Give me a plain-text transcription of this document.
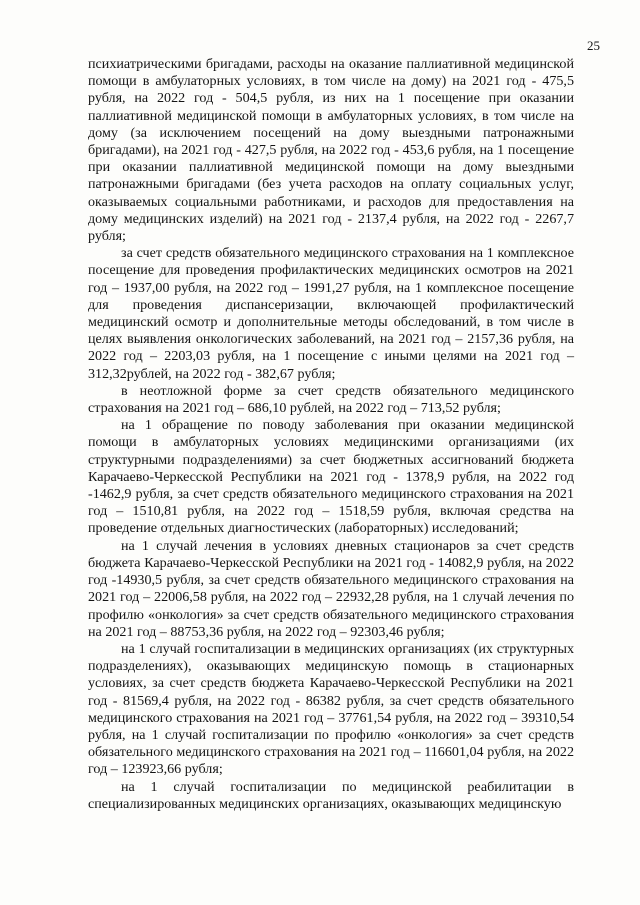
25

психиатрическими бригадами, расходы на оказание паллиативной медицинской помощи в амбулаторных условиях, в том числе на дому) на 2021 год - 475,5 рубля, на 2022 год - 504,5 рубля, из них на 1 посещение при оказании паллиативной медицинской помощи в амбулаторных условиях, в том числе на дому (за исключением посещений на дому выездными патронажными бригадами), на 2021 год - 427,5 рубля, на 2022 год - 453,6 рубля, на 1 посещение при оказании паллиативной медицинской помощи на дому выездными патронажными бригадами (без учета расходов на оплату социальных услуг, оказываемых социальными работниками, и расходов для предоставления на дому медицинских изделий) на 2021 год - 2137,4 рубля, на 2022 год - 2267,7 рубля;

за счет средств обязательного медицинского страхования на 1 комплексное посещение для проведения профилактических медицинских осмотров на 2021 год – 1937,00 рубля, на 2022 год – 1991,27 рубля, на 1 комплексное посещение для проведения диспансеризации, включающей профилактический медицинский осмотр и дополнительные методы обследований, в том числе в целях выявления онкологических заболеваний, на 2021 год – 2157,36 рубля, на 2022 год – 2203,03 рубля, на 1 посещение с иными целями на 2021 год – 312,32рублей, на 2022 год - 382,67 рубля;

в неотложной форме за счет средств обязательного медицинского страхования на 2021 год – 686,10 рублей, на 2022 год – 713,52 рубля;

на 1 обращение по поводу заболевания при оказании медицинской помощи в амбулаторных условиях медицинскими организациями (их структурными подразделениями) за счет бюджетных ассигнований бюджета Карачаево-Черкесской Республики на 2021 год - 1378,9 рубля, на 2022 год -1462,9 рубля, за счет средств обязательного медицинского страхования на 2021 год – 1510,81 рубля, на 2022 год – 1518,59 рубля, включая средства на проведение отдельных диагностических (лабораторных) исследований;

на 1 случай лечения в условиях дневных стационаров за счет средств бюджета Карачаево-Черкесской Республики на 2021 год - 14082,9 рубля, на 2022 год -14930,5 рубля, за счет средств обязательного медицинского страхования на 2021 год – 22006,58 рубля, на 2022 год – 22932,28 рубля, на 1 случай лечения по профилю «онкология» за счет средств обязательного медицинского страхования на 2021 год – 88753,36 рубля, на 2022 год – 92303,46 рубля;

на 1 случай госпитализации в медицинских организациях (их структурных подразделениях), оказывающих медицинскую помощь в стационарных условиях, за счет средств бюджета Карачаево-Черкесской Республики на 2021 год - 81569,4 рубля, на 2022 год - 86382 рубля, за счет средств обязательного медицинского страхования на 2021 год – 37761,54 рубля, на 2022 год – 39310,54 рубля, на 1 случай госпитализации по профилю «онкология» за счет средств обязательного медицинского страхования на 2021 год – 116601,04 рубля, на 2022 год – 123923,66 рубля;

на 1 случай госпитализации по медицинской реабилитации в специализированных медицинских организациях, оказывающих медицинскую
